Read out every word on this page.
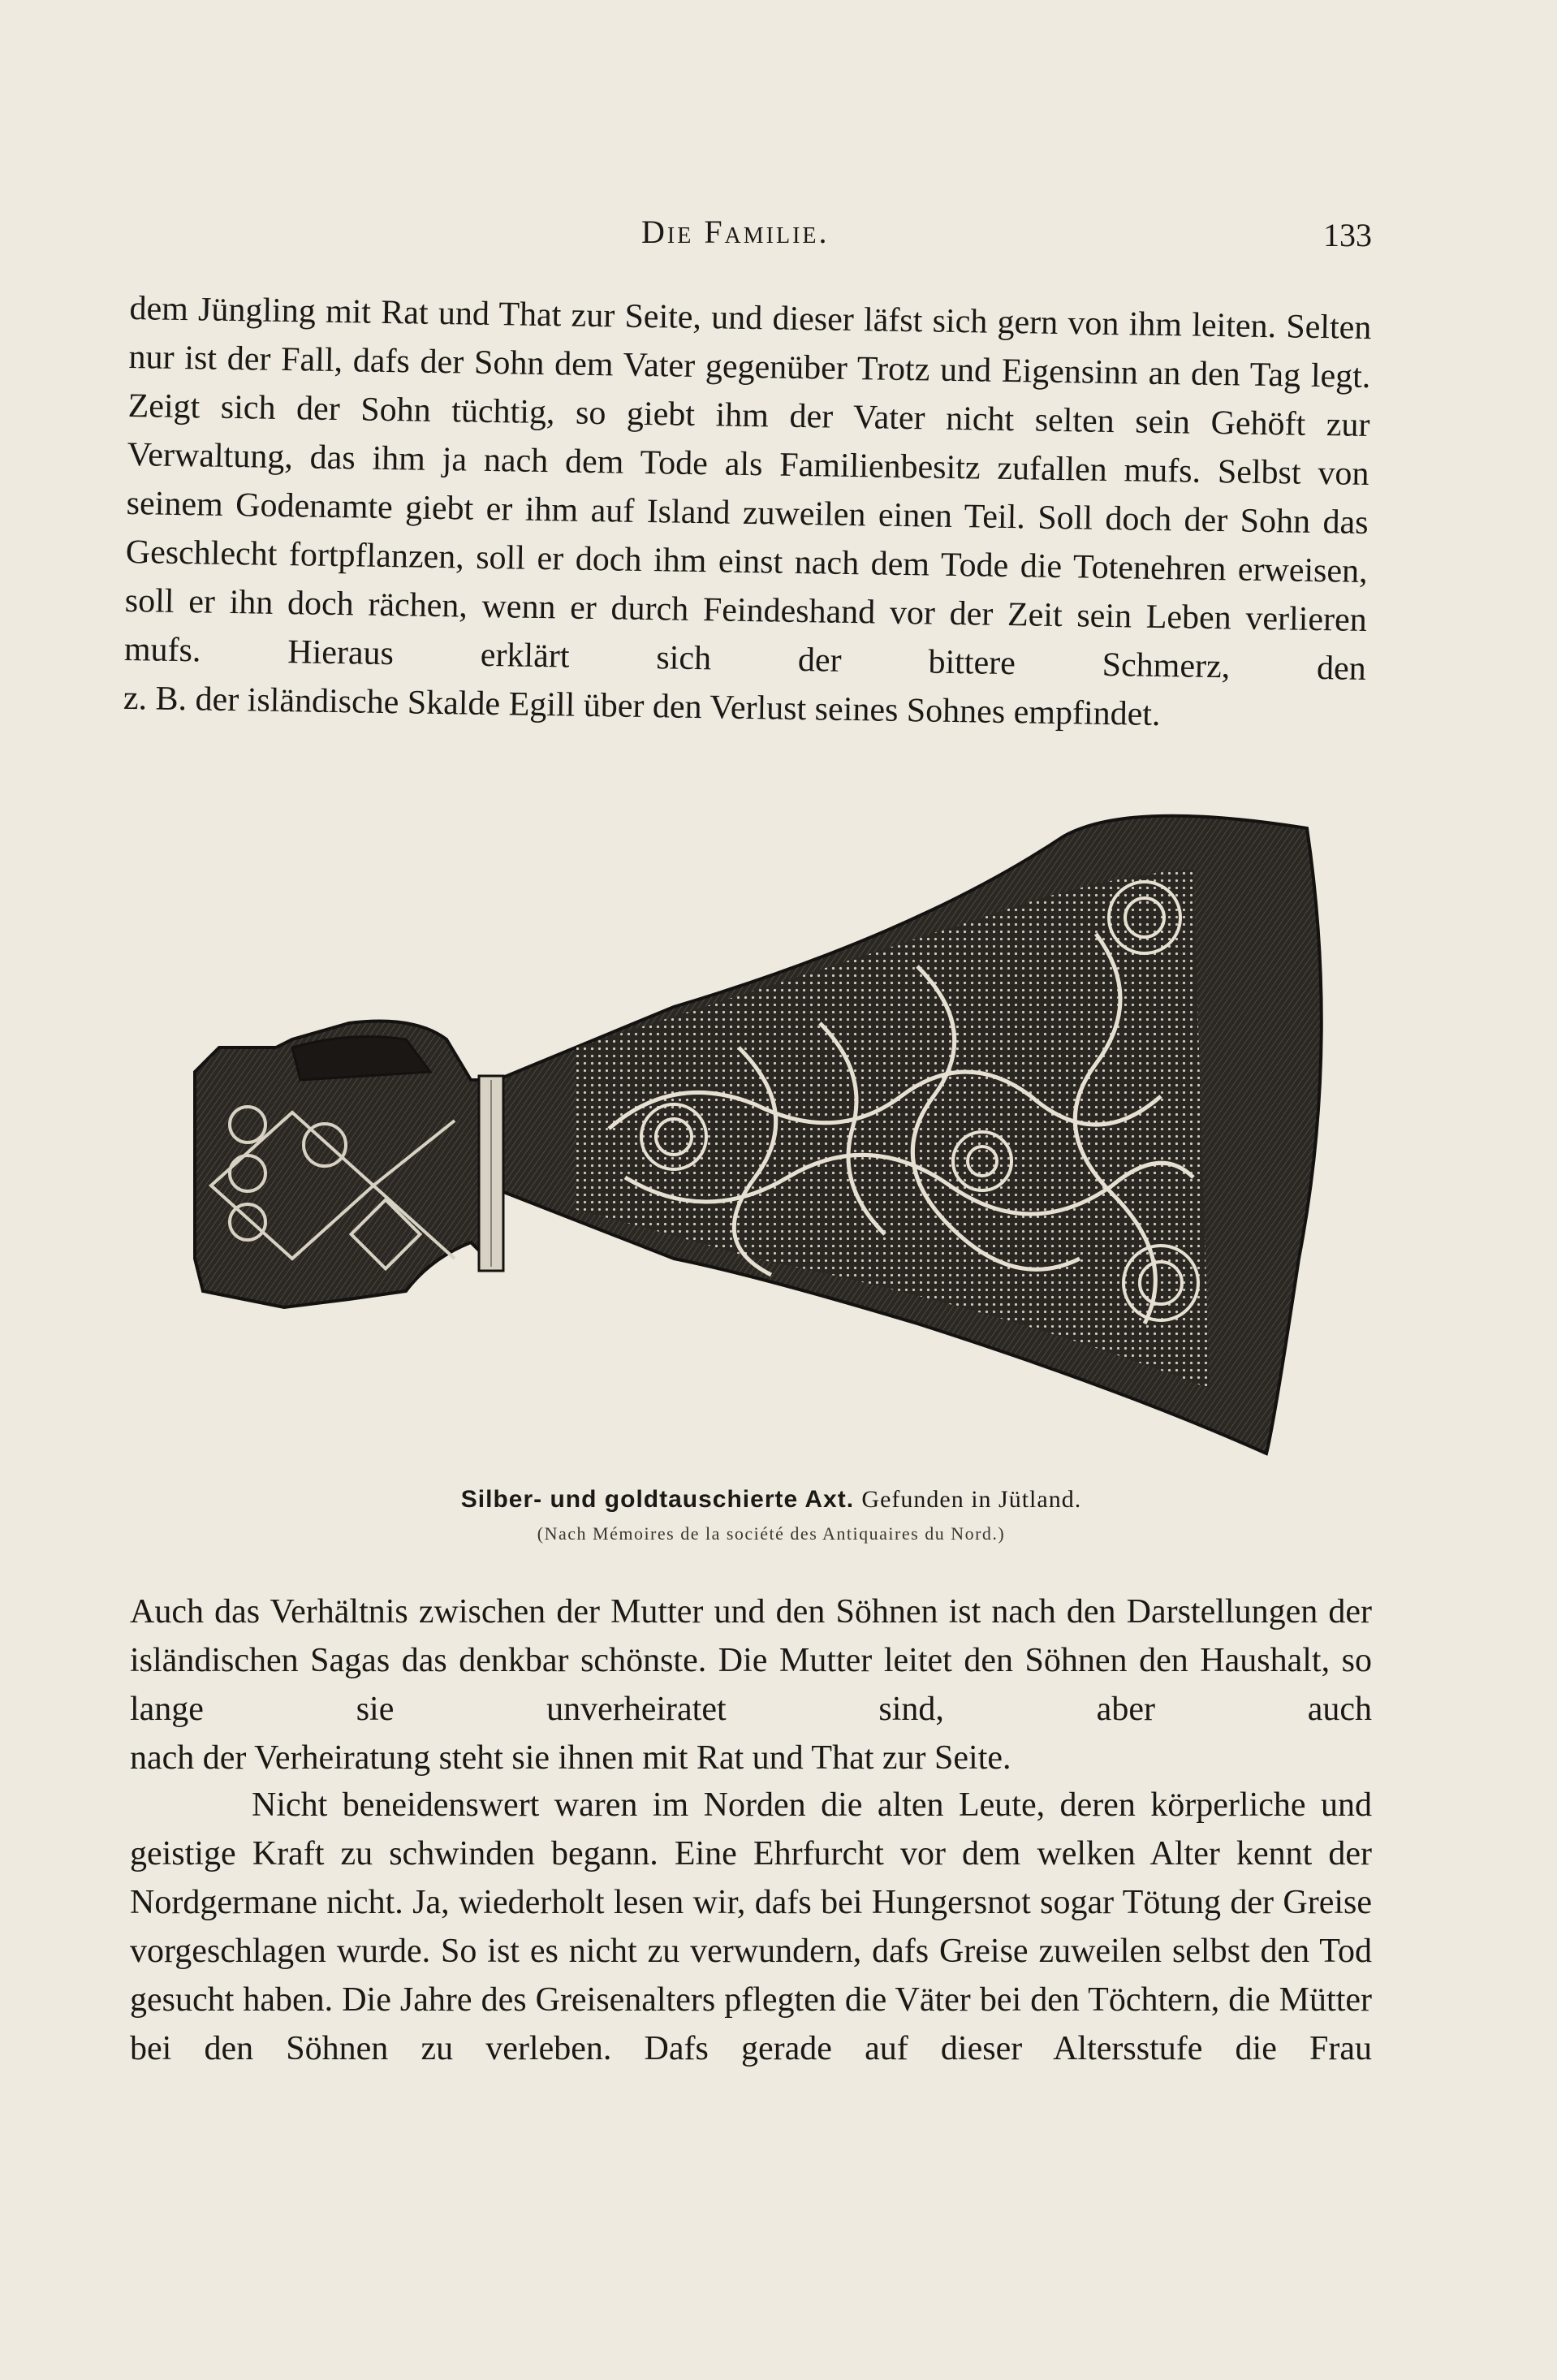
Die Familie.	133

dem Jüngling mit Rat und That zur Seite, und dieser läfst sich gern von ihm leiten. Selten nur ist der Fall, dafs der Sohn dem Vater gegenüber Trotz und Eigensinn an den Tag legt. Zeigt sich der Sohn tüchtig, so giebt ihm der Vater nicht selten sein Gehöft zur Verwaltung, das ihm ja nach dem Tode als Familienbesitz zufallen mufs. Selbst von seinem Godenamte giebt er ihm auf Island zuweilen einen Teil. Soll doch der Sohn das Geschlecht fortpflanzen, soll er doch ihm einst nach dem Tode die Totenehren erweisen, soll er ihn doch rächen, wenn er durch Feindeshand vor der Zeit sein Leben verlieren mufs. Hieraus erklärt sich der bittere Schmerz, den
z. B. der isländische Skalde Egill über den Verlust seines Sohnes empfindet.

Silber- und goldtauschierte Axt. Gefunden in Jütland.
(Nach Mémoires de la société des Antiquaires du Nord.)

Auch das Verhältnis zwischen der Mutter und den Söhnen ist nach den Darstellungen der isländischen Sagas das denkbar schönste. Die Mutter leitet den Söhnen den Haushalt, so lange sie unverheiratet sind, aber auch
nach der Verheiratung steht sie ihnen mit Rat und That zur Seite.

Nicht beneidenswert waren im Norden die alten Leute, deren körperliche und geistige Kraft zu schwinden begann. Eine Ehrfurcht vor dem welken Alter kennt der Nordgermane nicht. Ja, wiederholt lesen wir, dafs bei Hungersnot sogar Tötung der Greise vorgeschlagen wurde. So ist es nicht zu verwundern, dafs Greise zuweilen selbst den Tod gesucht haben. Die Jahre des Greisenalters pflegten die Väter bei den Töchtern, die Mütter bei den Söhnen zu verleben. Dafs gerade auf dieser Altersstufe die Frau
